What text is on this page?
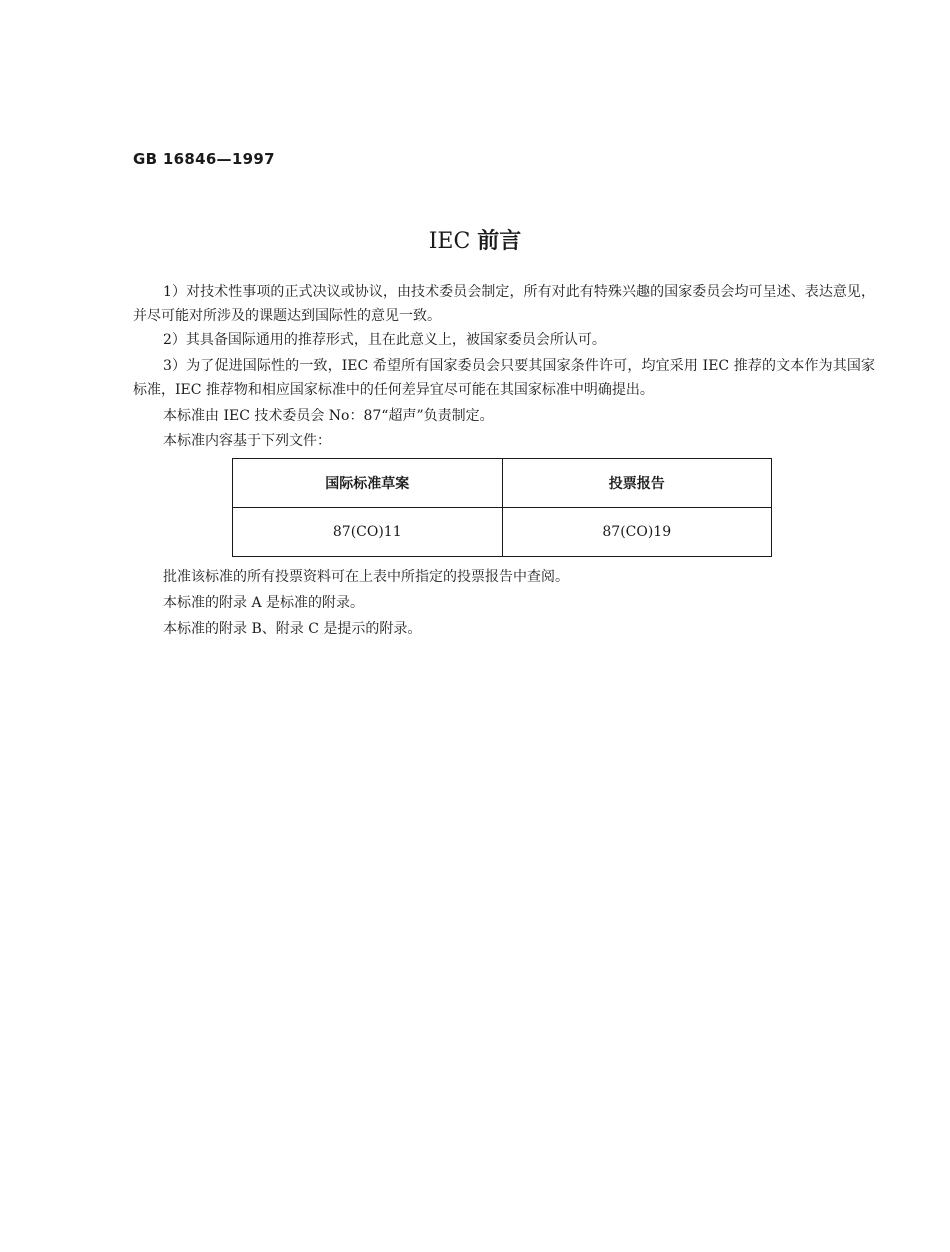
GB 16846—1997
IEC 前言
1）对技术性事项的正式决议或协议，由技术委员会制定，所有对此有特殊兴趣的国家委员会均可呈述、表达意见，并尽可能对所涉及的课题达到国际性的意见一致。
2）其具备国际通用的推荐形式，且在此意义上，被国家委员会所认可。
3）为了促进国际性的一致，IEC 希望所有国家委员会只要其国家条件许可，均宜采用 IEC 推荐的文本作为其国家标准，IEC 推荐物和相应国家标准中的任何差异宜尽可能在其国家标准中明确提出。
本标准由 IEC 技术委员会 No：87“超声”负责制定。
本标准内容基于下列文件：
国际标准草案	投票报告
87(CO)11	87(CO)19
批准该标准的所有投票资料可在上表中所指定的投票报告中查阅。
本标准的附录 A 是标准的附录。
本标准的附录 B、附录 C 是提示的附录。
